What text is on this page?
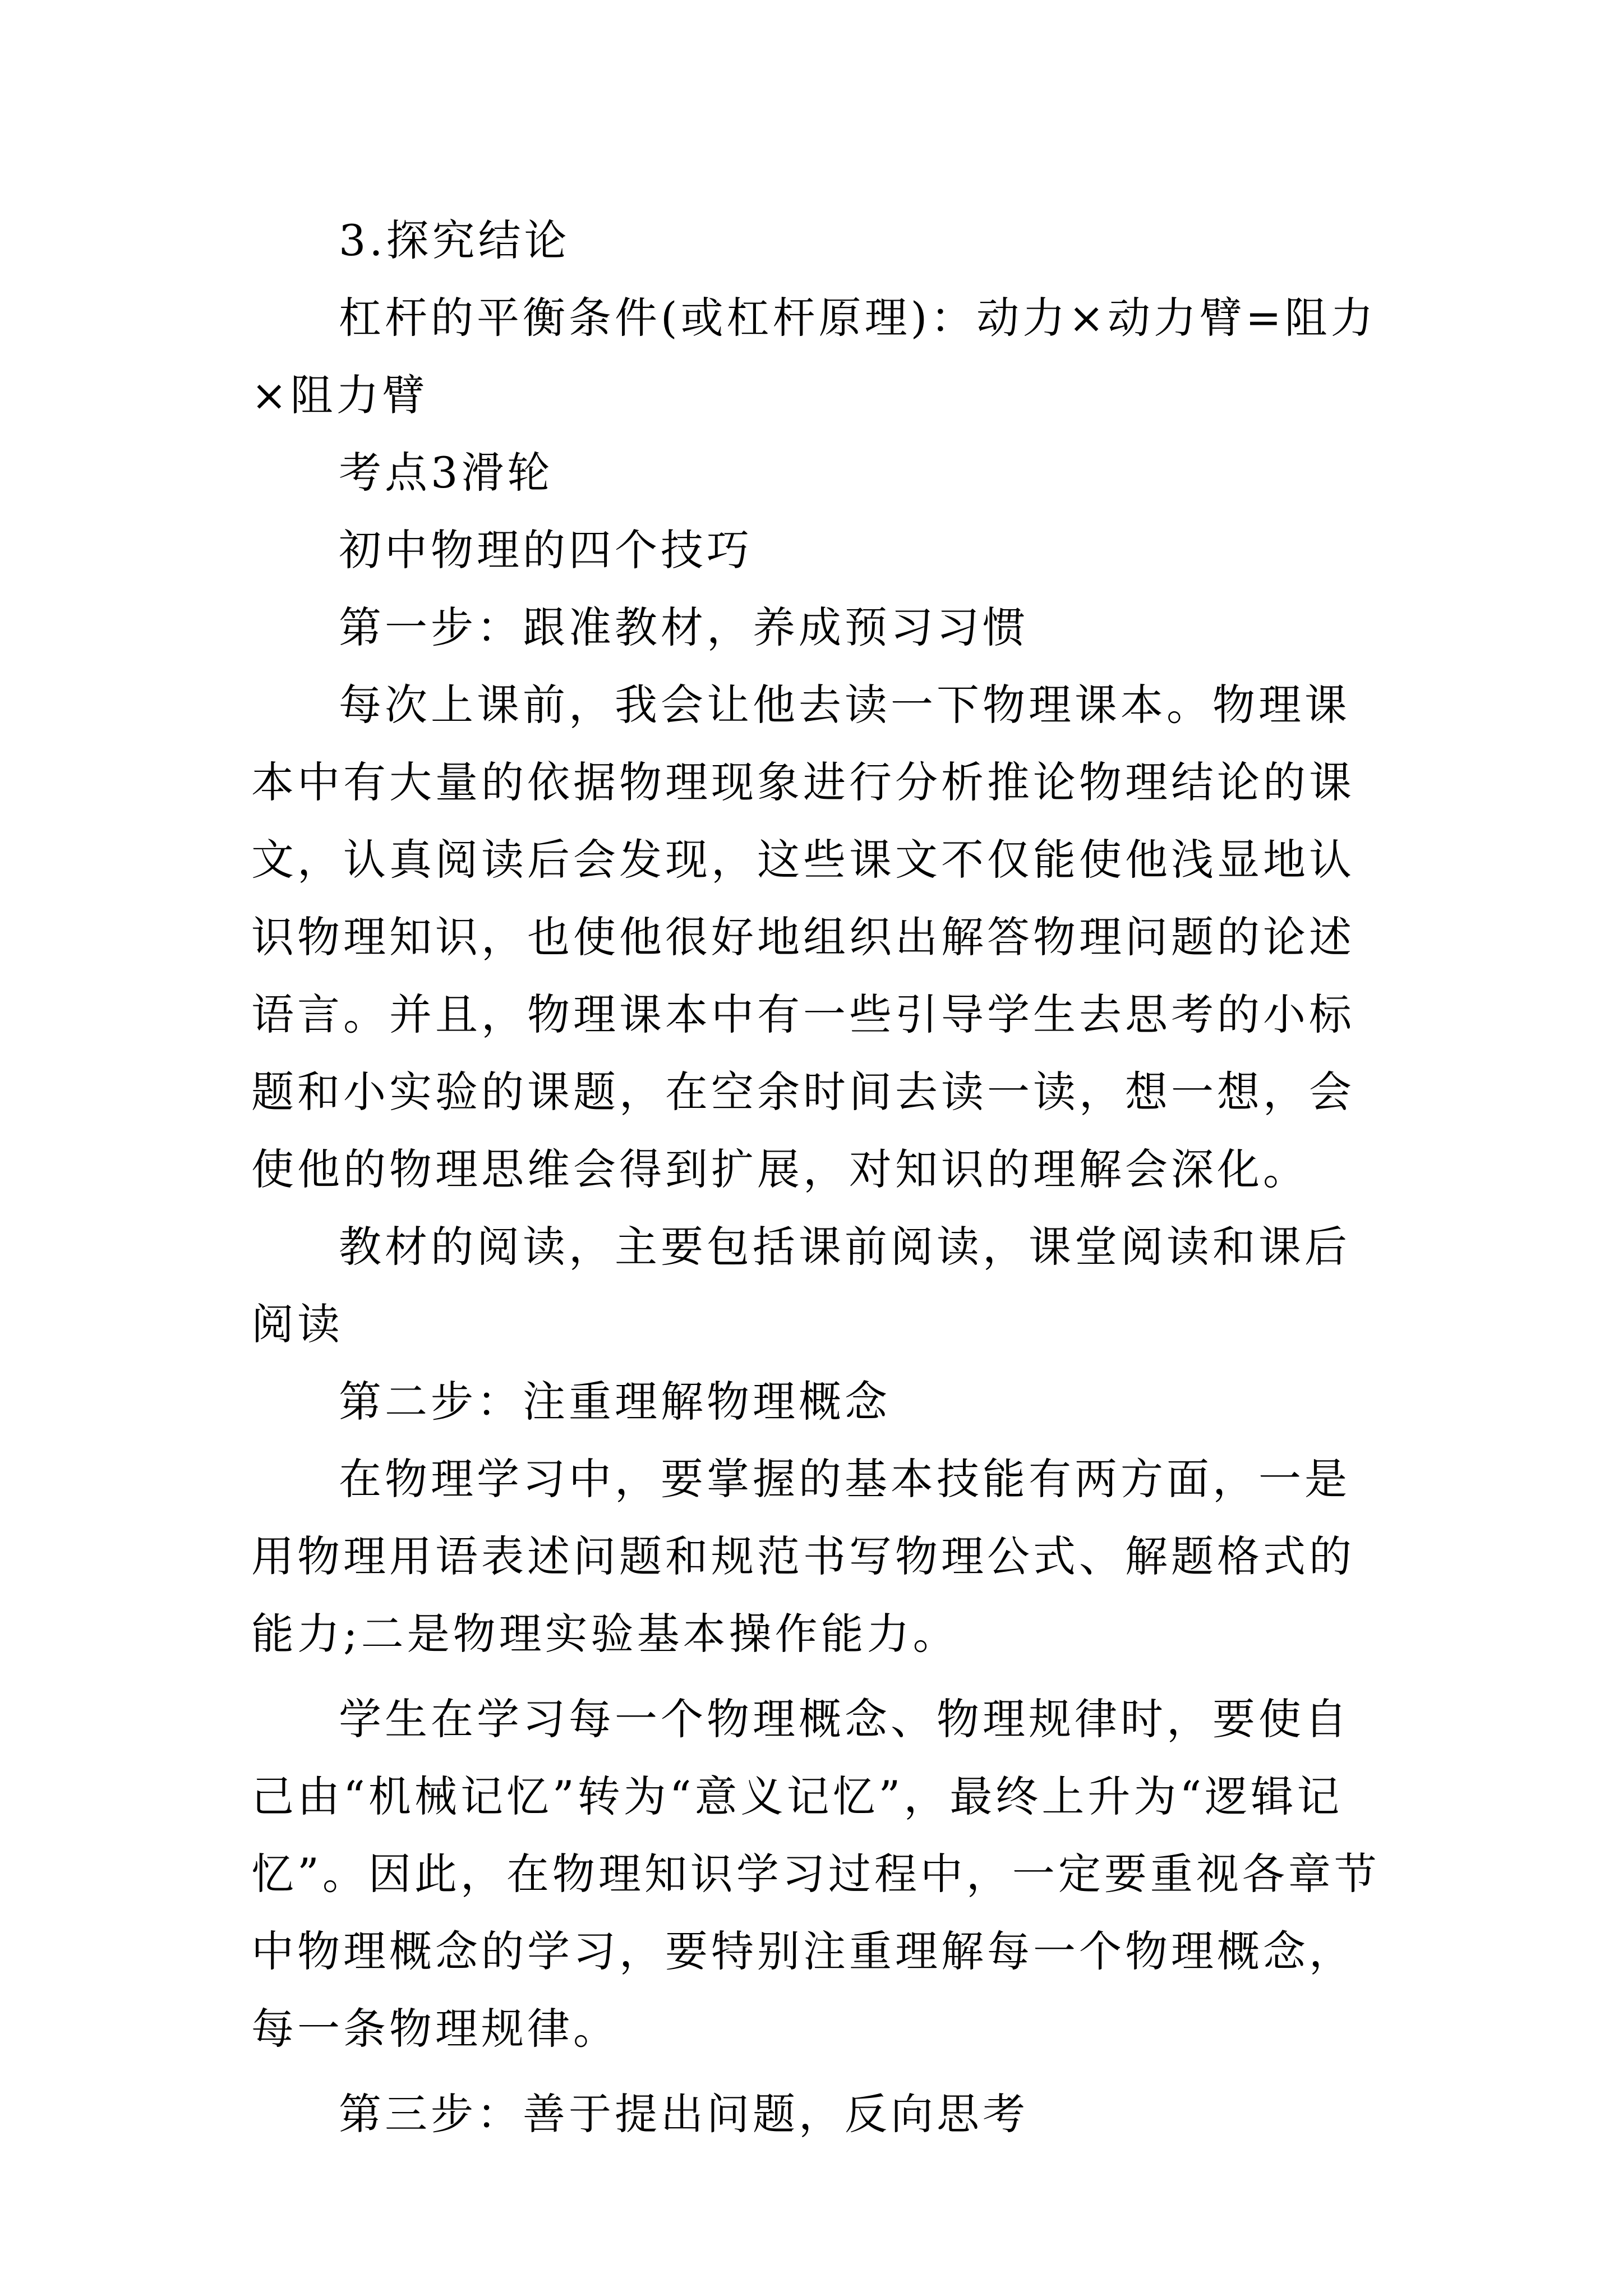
3.探究结论

杠杆的平衡条件(或杠杆原理)：动力×动力臂=阻力×阻力臂

考点3滑轮

初中物理的四个技巧

第一步：跟准教材，养成预习习惯

每次上课前，我会让他去读一下物理课本。物理课本中有大量的依据物理现象进行分析推论物理结论的课文，认真阅读后会发现，这些课文不仅能使他浅显地认识物理知识，也使他很好地组织出解答物理问题的论述语言。并且，物理课本中有一些引导学生去思考的小标题和小实验的课题，在空余时间去读一读，想一想，会使他的物理思维会得到扩展，对知识的理解会深化。

教材的阅读，主要包括课前阅读，课堂阅读和课后阅读

第二步：注重理解物理概念

在物理学习中，要掌握的基本技能有两方面，一是用物理用语表述问题和规范书写物理公式、解题格式的能力;二是物理实验基本操作能力。

学生在学习每一个物理概念、物理规律时，要使自己由“机械记忆”转为“意义记忆”，最终上升为“逻辑记忆”。因此，在物理知识学习过程中，一定要重视各章节中物理概念的学习，要特别注重理解每一个物理概念，每一条物理规律。

第三步：善于提出问题，反向思考
